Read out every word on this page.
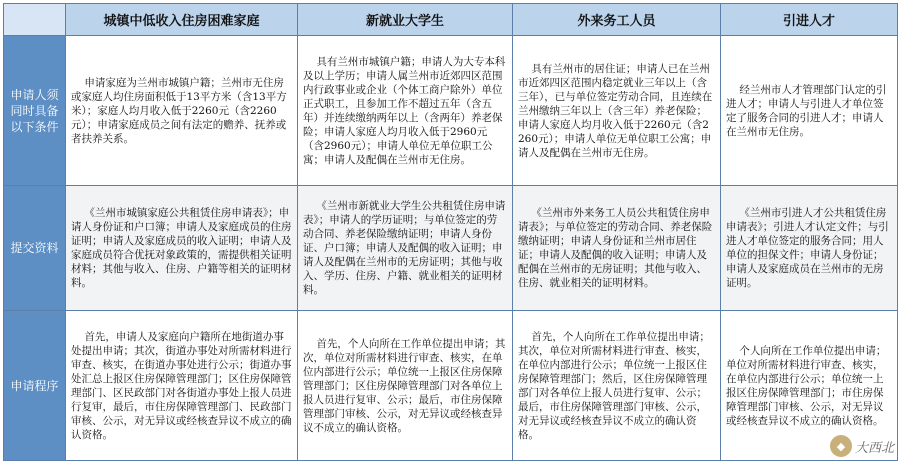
	城镇中低收入住房困难家庭	新就业大学生	外来务工人员	引进人才
申请人须
同时具备
以下条件	申请家庭为兰州市城镇户籍；兰州市无住房或家庭人均住房面积低于13平方米（含13平方米）；家庭人均月收入低于2260元（含2260元）；申请家庭成员之间有法定的赡养、抚养或者扶养关系。	具有兰州市城镇户籍；申请人为大专本科及以上学历；申请人属兰州市近郊四区范围内行政事业或企业（个体工商户除外）单位正式职工，且参加工作不超过五年（含五年）并连续缴纳两年以上（含两年）养老保险；申请人家庭人均月收入低于2960元（含2960元）；申请人单位无单位职工公寓；申请人及配偶在兰州市无住房。	具有兰州市的居住证；申请人已在兰州市近郊四区范围内稳定就业三年以上（含三年），已与单位签定劳动合同，且连续在兰州缴纳三年以上（含三年）养老保险；申请人家庭人均月收入低于2260元（含2260元）；申请人单位无单位职工公寓；申请人及配偶在兰州市无住房。	经兰州市人才管理部门认定的引进人才；申请人与引进人才单位签定了服务合同的引进人才；申请人在兰州市无住房。
提交资料	《兰州市城镇家庭公共租赁住房申请表》；申请人身份证和户口簿；申请人及家庭成员的住房证明；申请人及家庭成员的收入证明；申请人及家庭成员符合优抚对象政策的，需提供相关证明材料；其他与收入、住房、户籍等相关的证明材料。	《兰州市新就业大学生公共租赁住房申请表》；申请人的学历证明；与单位签定的劳动合同、养老保险缴纳证明；申请人身份证、户口簿；申请人及配偶的收入证明；申请人及配偶在兰州市的无房证明；其他与收入、学历、住房、户籍、就业相关的证明材料。	《兰州市外来务工人员公共租赁住房申请表》；与单位签定的劳动合同、养老保险缴纳证明；申请人身份证和兰州市居住证；申请人及配偶的收入证明；申请人及配偶在兰州市的无房证明；其他与收入、住房、就业相关的证明材料。	《兰州市引进人才公共租赁住房申请表》；引进人才认定文件；与引进人才单位签定的服务合同；用人单位的担保文件；申请人身份证；申请人及家庭成员在兰州市的无房证明。
申请程序	首先，申请人及家庭向户籍所在地街道办事处提出申请；其次，街道办事处对所需材料进行审查、核实，在街道办事处进行公示；街道办事处汇总上报区住房保障管理部门；区住房保障管理部门、区民政部门对各街道办事处上报人员进行复审，最后，市住房保障管理部门、民政部门审核、公示，对无异议或经核查异议不成立的确认资格。	首先，个人向所在工作单位提出申请；其次，单位对所需材料进行审查、核实，在单位内部进行公示；单位统一上报区住房保障管理部门；区住房保障管理部门对各单位上报人员进行复审、公示；最后，市住房保障管理部门审核、公示，对无异议或经核查异议不成立的确认资格。	首先，个人向所在工作单位提出申请；其次，单位对所需材料进行审查、核实，在单位内部进行公示；单位统一上报区住房保障管理部门；然后，区住房保障管理部门对各单位上报人员进行复审、公示；最后，市住房保障管理部门审核、公示，对无异议或经核查异议不成立的确认资格。	个人向所在工作单位提出申请；单位对所需材料进行审查、核实，在单位内部进行公示；单位统一上报区住房保障管理部门；市住房保障管理部门审核、公示，对无异议或经核查异议不成立的确认资格。
◆ 大西北
